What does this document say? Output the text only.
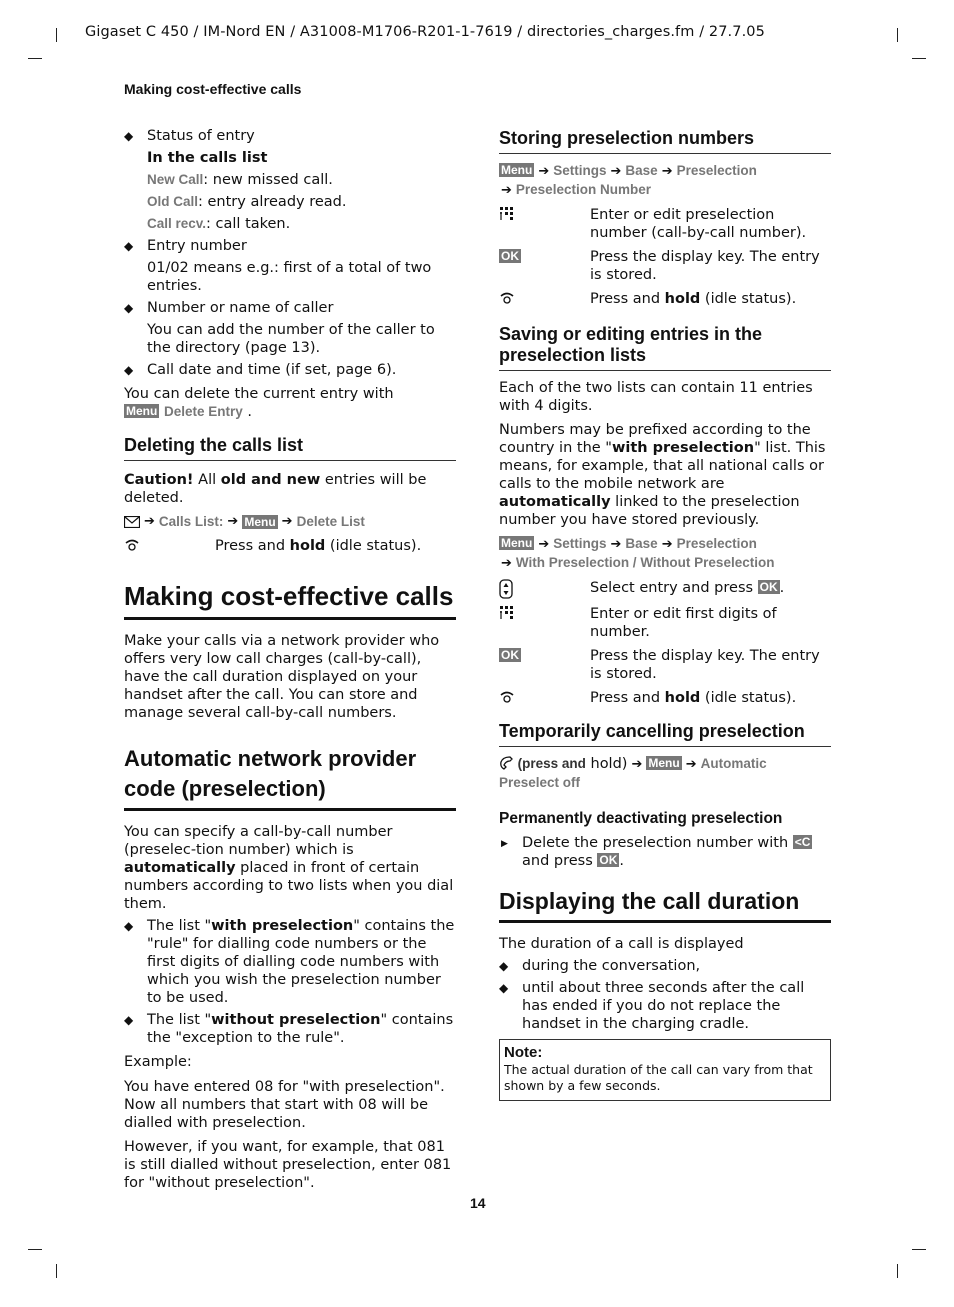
Gigaset C 450 / IM-Nord EN / A31008-M1706-R201-1-7619 / directories_charges.fm / 27.7.05
Making cost-effective calls

◆ Status of entry

In the calls list

New Call: new missed call.

Old Call: entry already read.

Call recv.: call taken.

◆ Entry number

01/02 means e.g.: first of a total of two entries.

◆ Number or name of caller

You can add the number of the caller to the directory (page 13).

◆ Call date and time (if set, page 6).

You can delete the current entry with

Menu Delete Entry .

Deleting the calls list

Caution! All old and new entries will be deleted.

➔ Calls List: ➔ Menu ➔ Delete List

Press and hold (idle status).

Making cost-effective calls

Make your calls via a network provider who offers very low call charges (call-by-call), have the call duration displayed on your handset after the call. You can store and manage several call-by-call numbers.

Automatic network provider code (preselection)

You can specify a call-by-call number (preselec-tion number) which is automatically placed in front of certain numbers according to two lists when you dial them.

◆ The list "with preselection" contains the "rule" for dialling code numbers or the first digits of dialling code numbers with which you wish the preselection number to be used.

◆ The list "without preselection" contains the "exception to the rule".

Example:

You have entered 08 for "with preselection". Now all numbers that start with 08 will be dialled with preselection.

However, if you want, for example, that 081 is still dialled without preselection, enter 081 for "without preselection".

Storing preselection numbers

Menu ➔ Settings ➔ Base ➔ Preselection
➔ Preselection Number

Enter or edit preselection number (call-by-call number).

OK	Press the display key. The entry is stored.

Press and hold (idle status).

Saving or editing entries in the preselection lists

Each of the two lists can contain 11 entries with 4 digits.

Numbers may be prefixed according to the country in the "with preselection" list. This means, for example, that all national calls or calls to the mobile network are automatically linked to the preselection number you have stored previously.

Menu ➔ Settings ➔ Base ➔ Preselection
➔ With Preselection / Without Preselection

Select entry and press OK .

Enter or edit first digits of number.

OK	Press the display key. The entry is stored.

Press and hold (idle status).

Temporarily cancelling preselection

(press and hold) ➔ Menu ➔ Automatic
Preselect off

Permanently deactivating preselection

▶ Delete the preselection number with <C and press OK .

Displaying the call duration

The duration of a call is displayed

◆ during the conversation,

◆ until about three seconds after the call has ended if you do not replace the handset in the charging cradle.

Note:
The actual duration of the call can vary from that shown by a few seconds.
14
